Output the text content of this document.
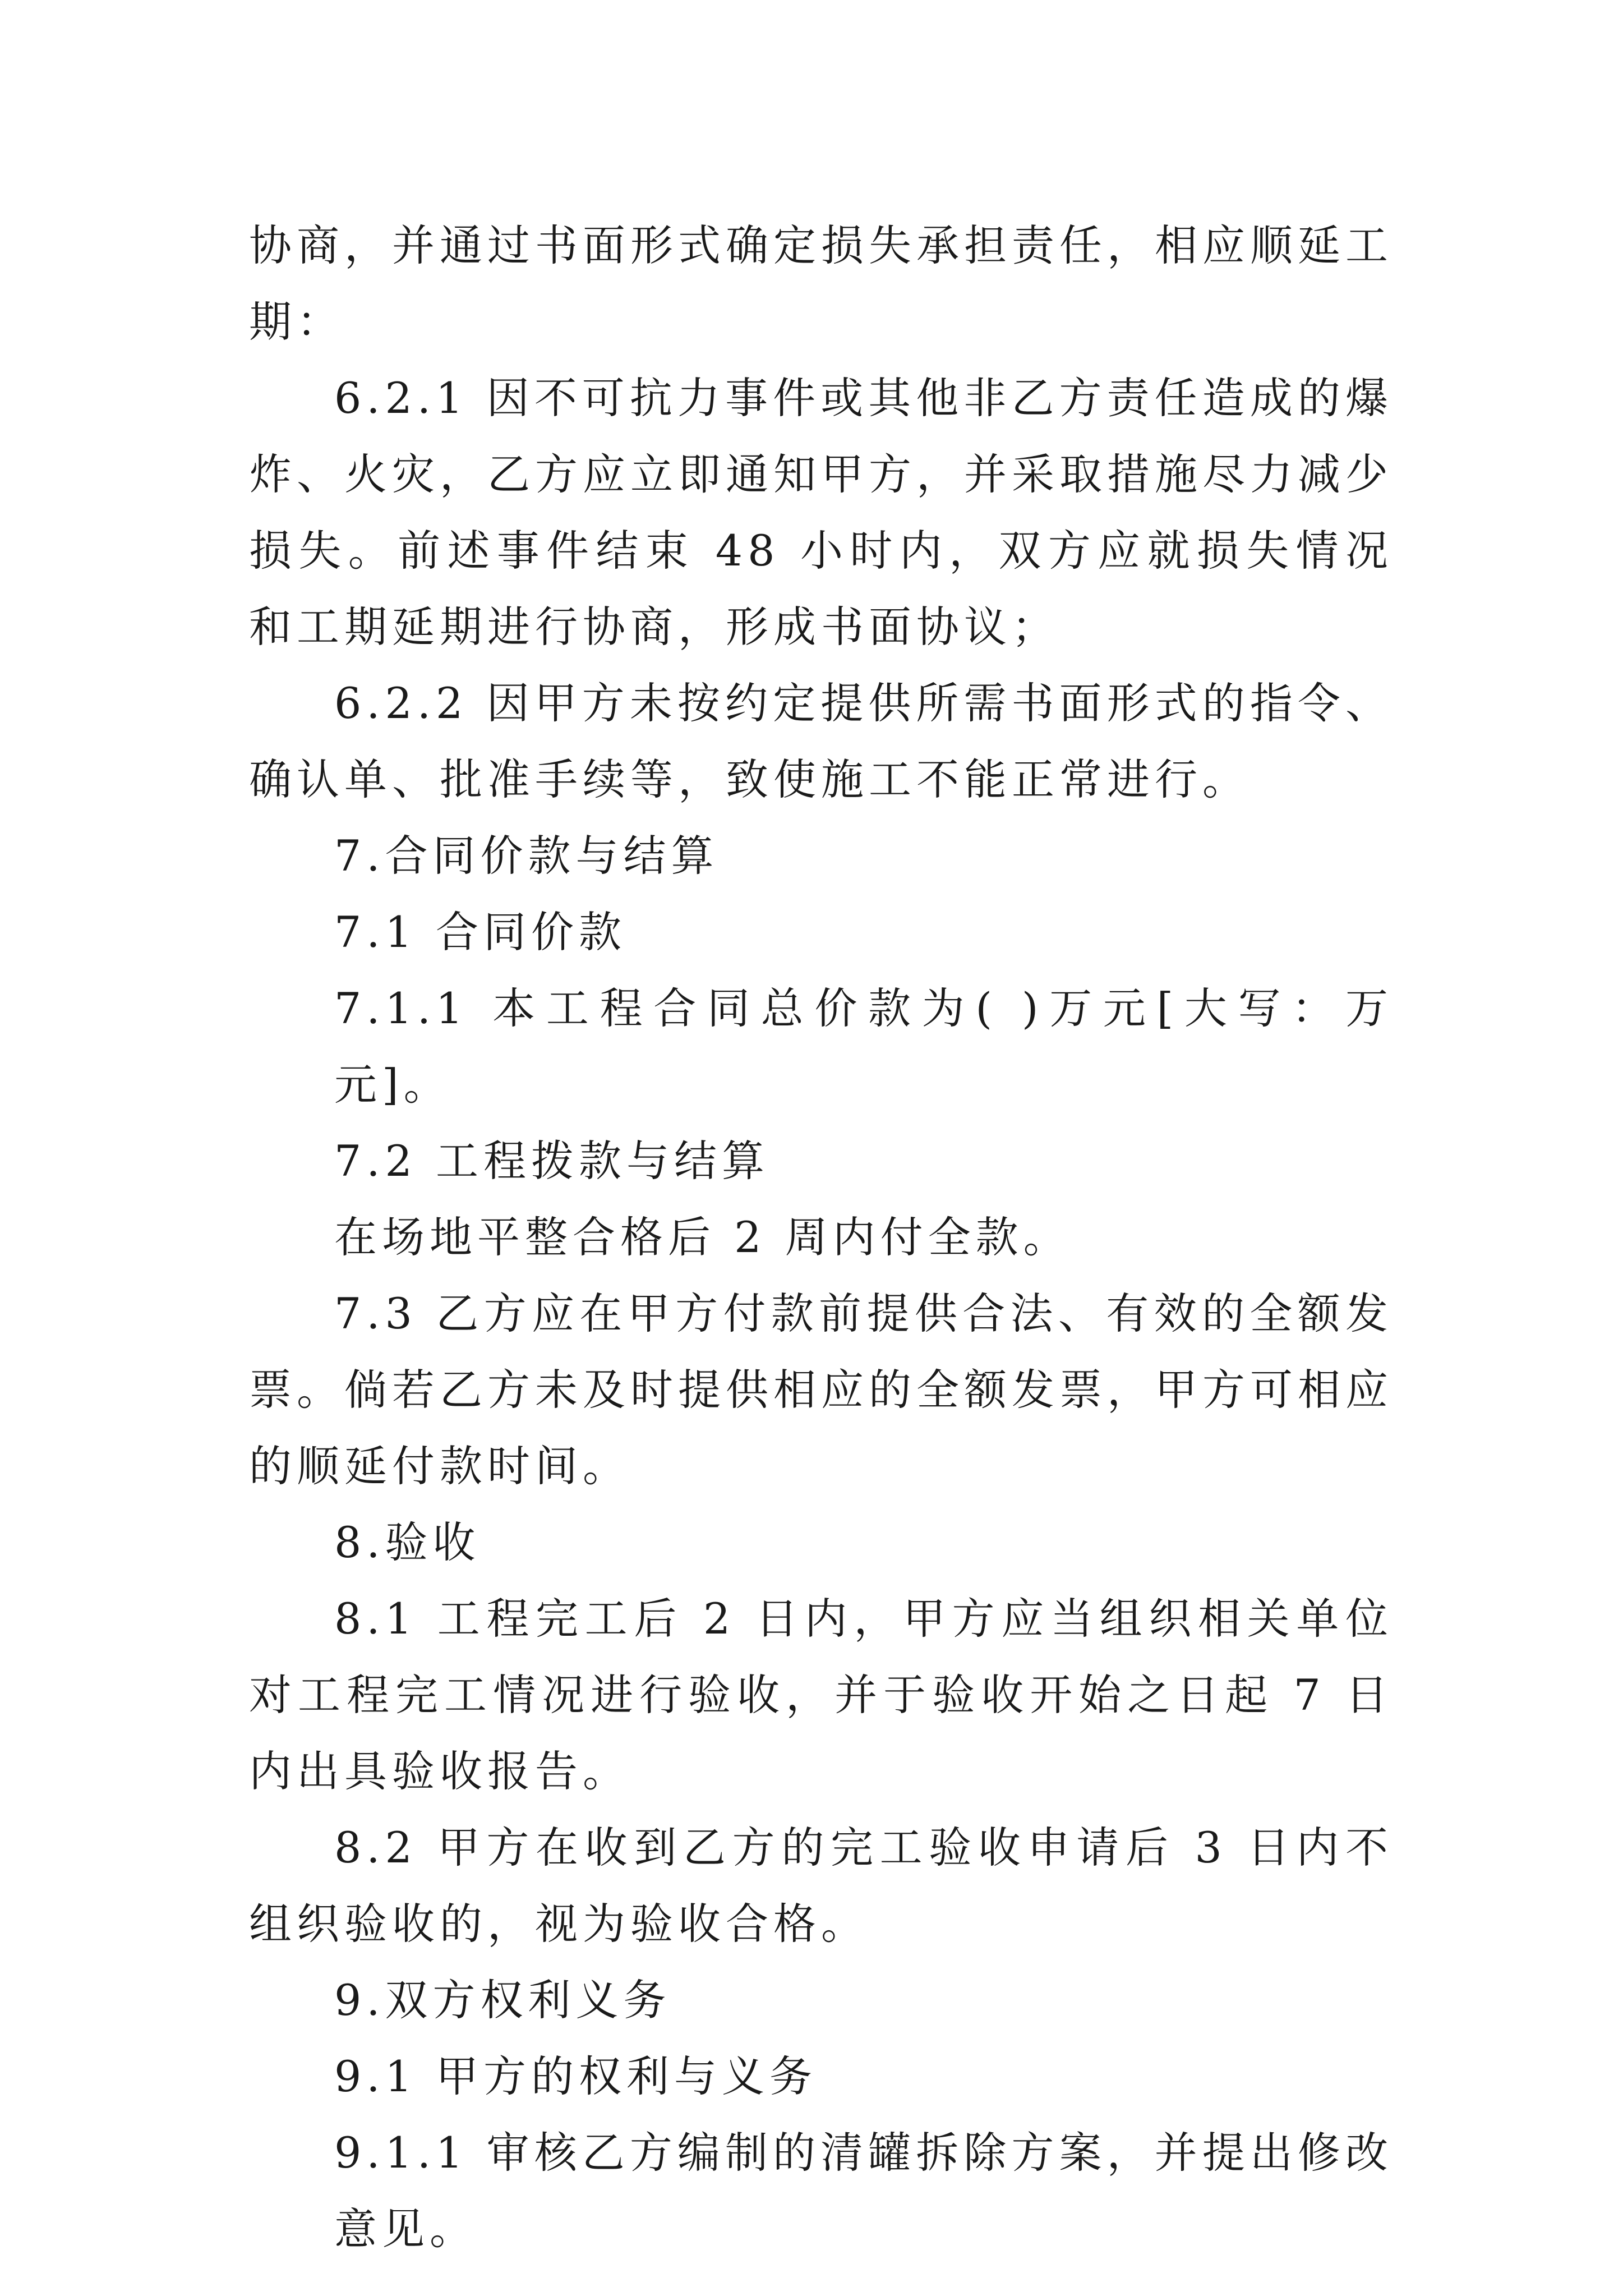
协商，并通过书面形式确定损失承担责任，相应顺延工期：

6.2.1 因不可抗力事件或其他非乙方责任造成的爆炸、火灾，乙方应立即通知甲方，并采取措施尽力减少损失。前述事件结束 48 小时内，双方应就损失情况和工期延期进行协商，形成书面协议；

6.2.2 因甲方未按约定提供所需书面形式的指令、确认单、批准手续等，致使施工不能正常进行。

7.合同价款与结算

7.1 合同价款

7.1.1 本工程合同总价款为( )万元[大写：万元]。

7.2 工程拨款与结算

在场地平整合格后 2 周内付全款。

7.3 乙方应在甲方付款前提供合法、有效的全额发票。倘若乙方未及时提供相应的全额发票，甲方可相应的顺延付款时间。

8.验收

8.1 工程完工后 2 日内，甲方应当组织相关单位对工程完工情况进行验收，并于验收开始之日起 7 日内出具验收报告。

8.2 甲方在收到乙方的完工验收申请后 3 日内不组织验收的，视为验收合格。

9.双方权利义务

9.1 甲方的权利与义务

9.1.1 审核乙方编制的清罐拆除方案，并提出修改意见。
